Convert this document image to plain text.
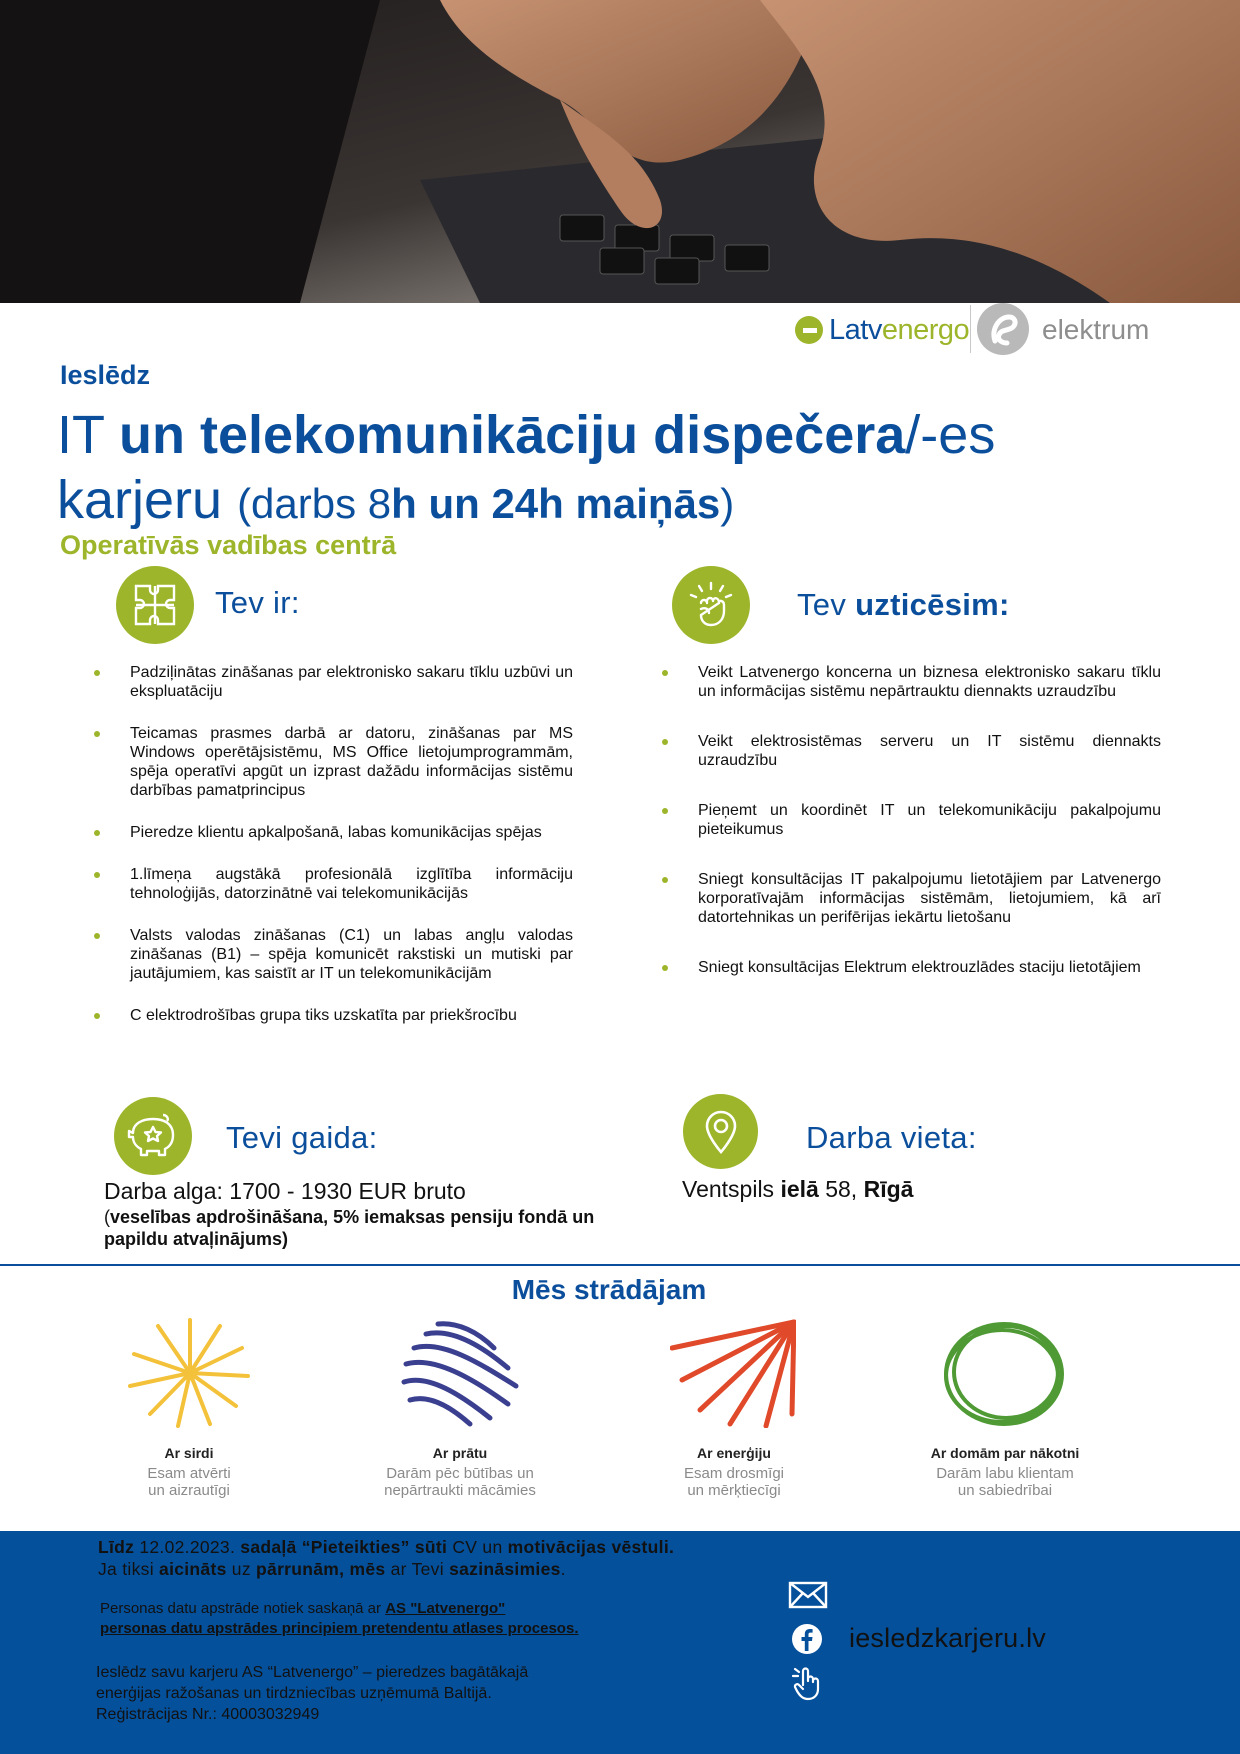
Latvenergo	elektrum
Ieslēdz
IT un telekomunikāciju dispečera/-es
karjeru (darbs 8h un 24h maiņās)
Operatīvās vadības centrā
Tev ir:
Padziļinātas zināšanas par elektronisko sakaru tīklu uzbūvi un ekspluatāciju
Teicamas prasmes darbā ar datoru, zināšanas par MS Windows operētājsistēmu, MS Office lietojumprogrammām, spēja operatīvi apgūt un izprast dažādu informācijas sistēmu darbības pamatprincipus
Pieredze klientu apkalpošanā, labas komunikācijas spējas
1.līmeņa augstākā profesionālā izglītība informāciju tehnoloģijās, datorzinātnē vai telekomunikācijās
Valsts valodas zināšanas (C1) un labas angļu valodas zināšanas (B1) – spēja komunicēt rakstiski un mutiski par jautājumiem, kas saistīt ar IT un telekomunikācijām
C elektrodrošības grupa tiks uzskatīta par priekšrocību
Tev uzticēsim:
Veikt Latvenergo koncerna un biznesa elektronisko sakaru tīklu un informācijas sistēmu nepārtrauktu diennakts uzraudzību
Veikt elektrosistēmas serveru un IT sistēmu diennakts uzraudzību
Pieņemt un koordinēt IT un telekomunikāciju pakalpojumu pieteikumus
Sniegt konsultācijas IT pakalpojumu lietotājiem par Latvenergo korporatīvajām informācijas sistēmām, lietojumiem, kā arī datortehnikas un perifērijas iekārtu lietošanu
Sniegt konsultācijas Elektrum elektrouzlādes staciju lietotājiem
Tevi gaida:
Darba alga: 1700 - 1930 EUR bruto
(veselības apdrošināšana, 5% iemaksas pensiju fondā un papildu atvaļinājums)
Darba vieta:
Ventspils ielā 58, Rīgā
Mēs strādājam
Ar sirdi
Esam atvērti
un aizrautīgi
Ar prātu
Darām pēc būtības un
nepārtraukti mācāmies
Ar enerģiju
Esam drosmīgi
un mērķtiecīgi
Ar domām par nākotni
Darām labu klientam
un sabiedrībai
Līdz 12.02.2023. sadaļā “Pieteikties” sūti CV un motivācijas vēstuli.
Ja tiksi aicināts uz pārrunām, mēs ar Tevi sazināsimies.
Personas datu apstrāde notiek saskaņā ar AS "Latvenergo"
personas datu apstrādes principiem pretendentu atlases procesos.
Ieslēdz savu karjeru AS “Latvenergo” – pieredzes bagātākajā
enerģijas ražošanas un tirdzniecības uzņēmumā Baltijā.
Reģistrācijas Nr.: 40003032949
iesledzkarjeru.lv
